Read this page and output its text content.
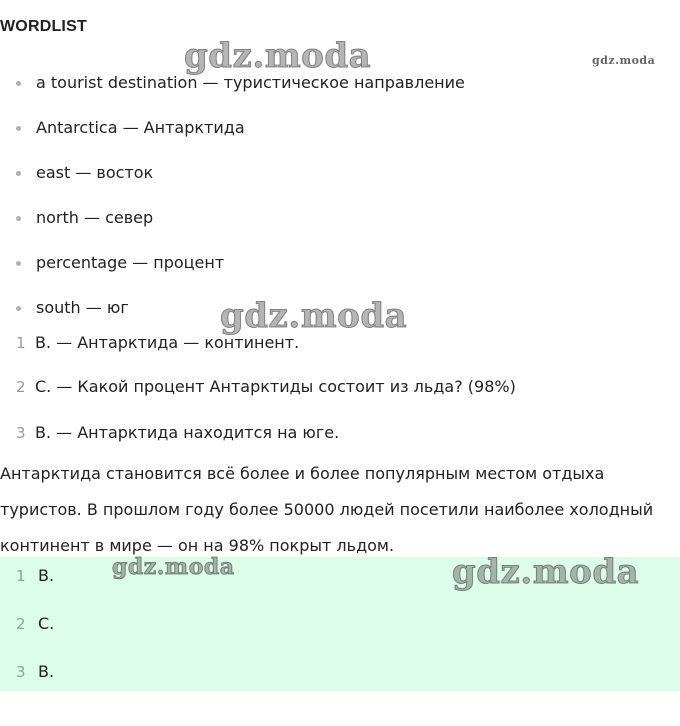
WORDLIST
a tourist destination — туристическое направление
Antarctica — Антарктида
east — восток
north — север
percentage — процент
south — юг
1 B. — Антарктида — континент.
2 C. — Какой процент Антарктиды состоит из льда? (98%)
3 B. — Антарктида находится на юге.
Антарктида становится всё более и более популярным местом отдыха туристов. В прошлом году более 50000 людей посетили наиболее холодный континент в мире — он на 98% покрыт льдом.
1 B.
2 C.
3 B.
gdz.moda	gdz.moda
gdz.moda
gdz.moda	gdz.moda
